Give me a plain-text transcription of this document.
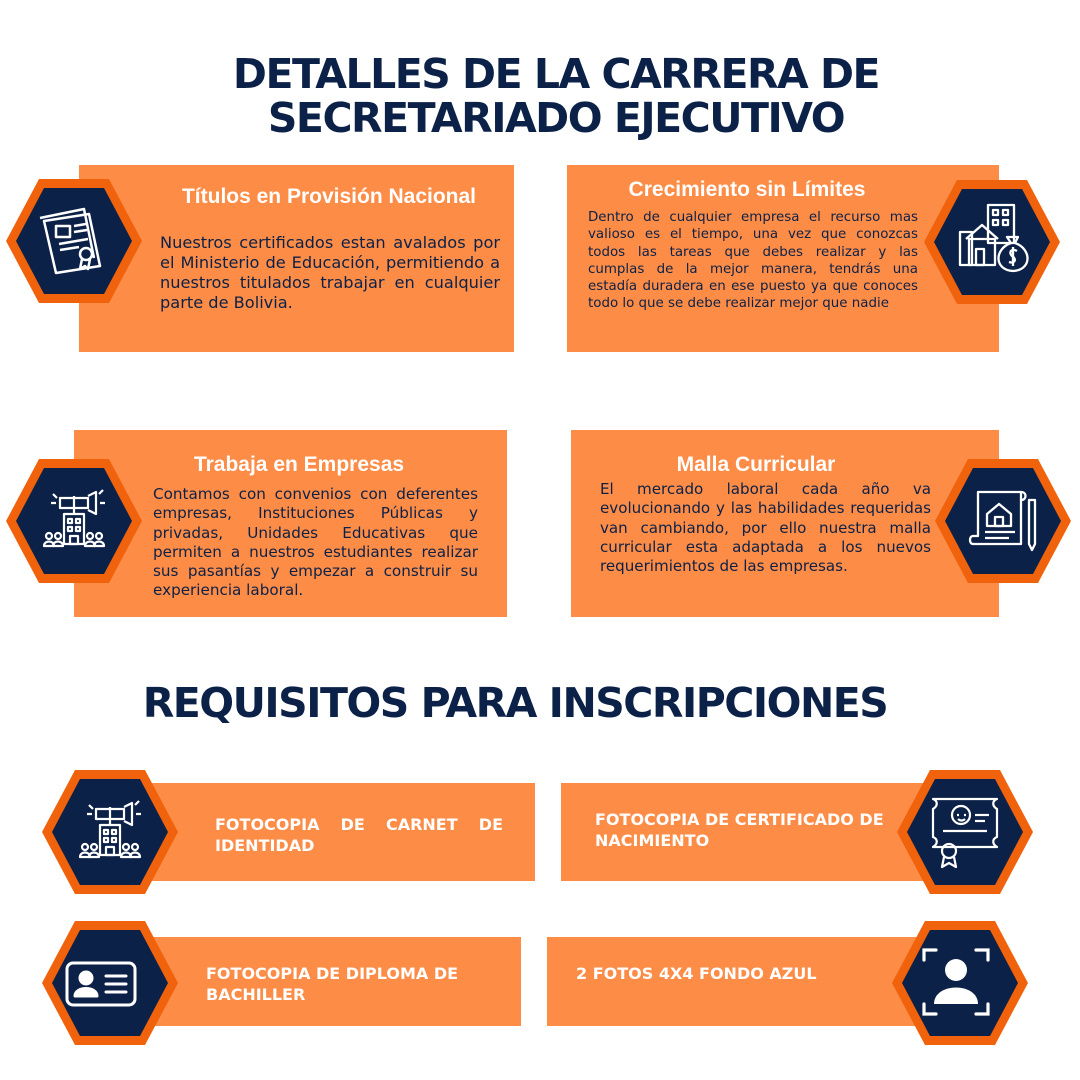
DETALLES DE LA CARRERA DE
SECRETARIADO EJECUTIVO
Títulos en Provisión Nacional

Nuestros certificados estan avalados por el Ministerio de Educación, permitiendo a nuestros titulados trabajar en cualquier parte de Bolivia.

Crecimiento sin Límites

Dentro de cualquier empresa el recurso mas valioso es el tiempo, una vez que conozcas todos las tareas que debes realizar y las cumplas de la mejor manera, tendrás una estadía duradera en ese puesto ya que conoces todo lo que se debe realizar mejor que nadie

Trabaja en Empresas

Contamos con convenios con deferentes empresas, Instituciones Públicas y privadas, Unidades Educativas que permiten a nuestros estudiantes realizar sus pasantías y empezar a construir su experiencia laboral.

Malla Curricular

El mercado laboral cada año va evolucionando y las habilidades requeridas van cambiando, por ello nuestra malla curricular esta adaptada a los nuevos requerimientos de las empresas.

REQUISITOS PARA INSCRIPCIONES
FOTOCOPIA DE CARNET DE IDENTIDAD
FOTOCOPIA DE CERTIFICADO DE NACIMIENTO
FOTOCOPIA DE DIPLOMA DE BACHILLER
2 FOTOS 4X4 FONDO AZUL
